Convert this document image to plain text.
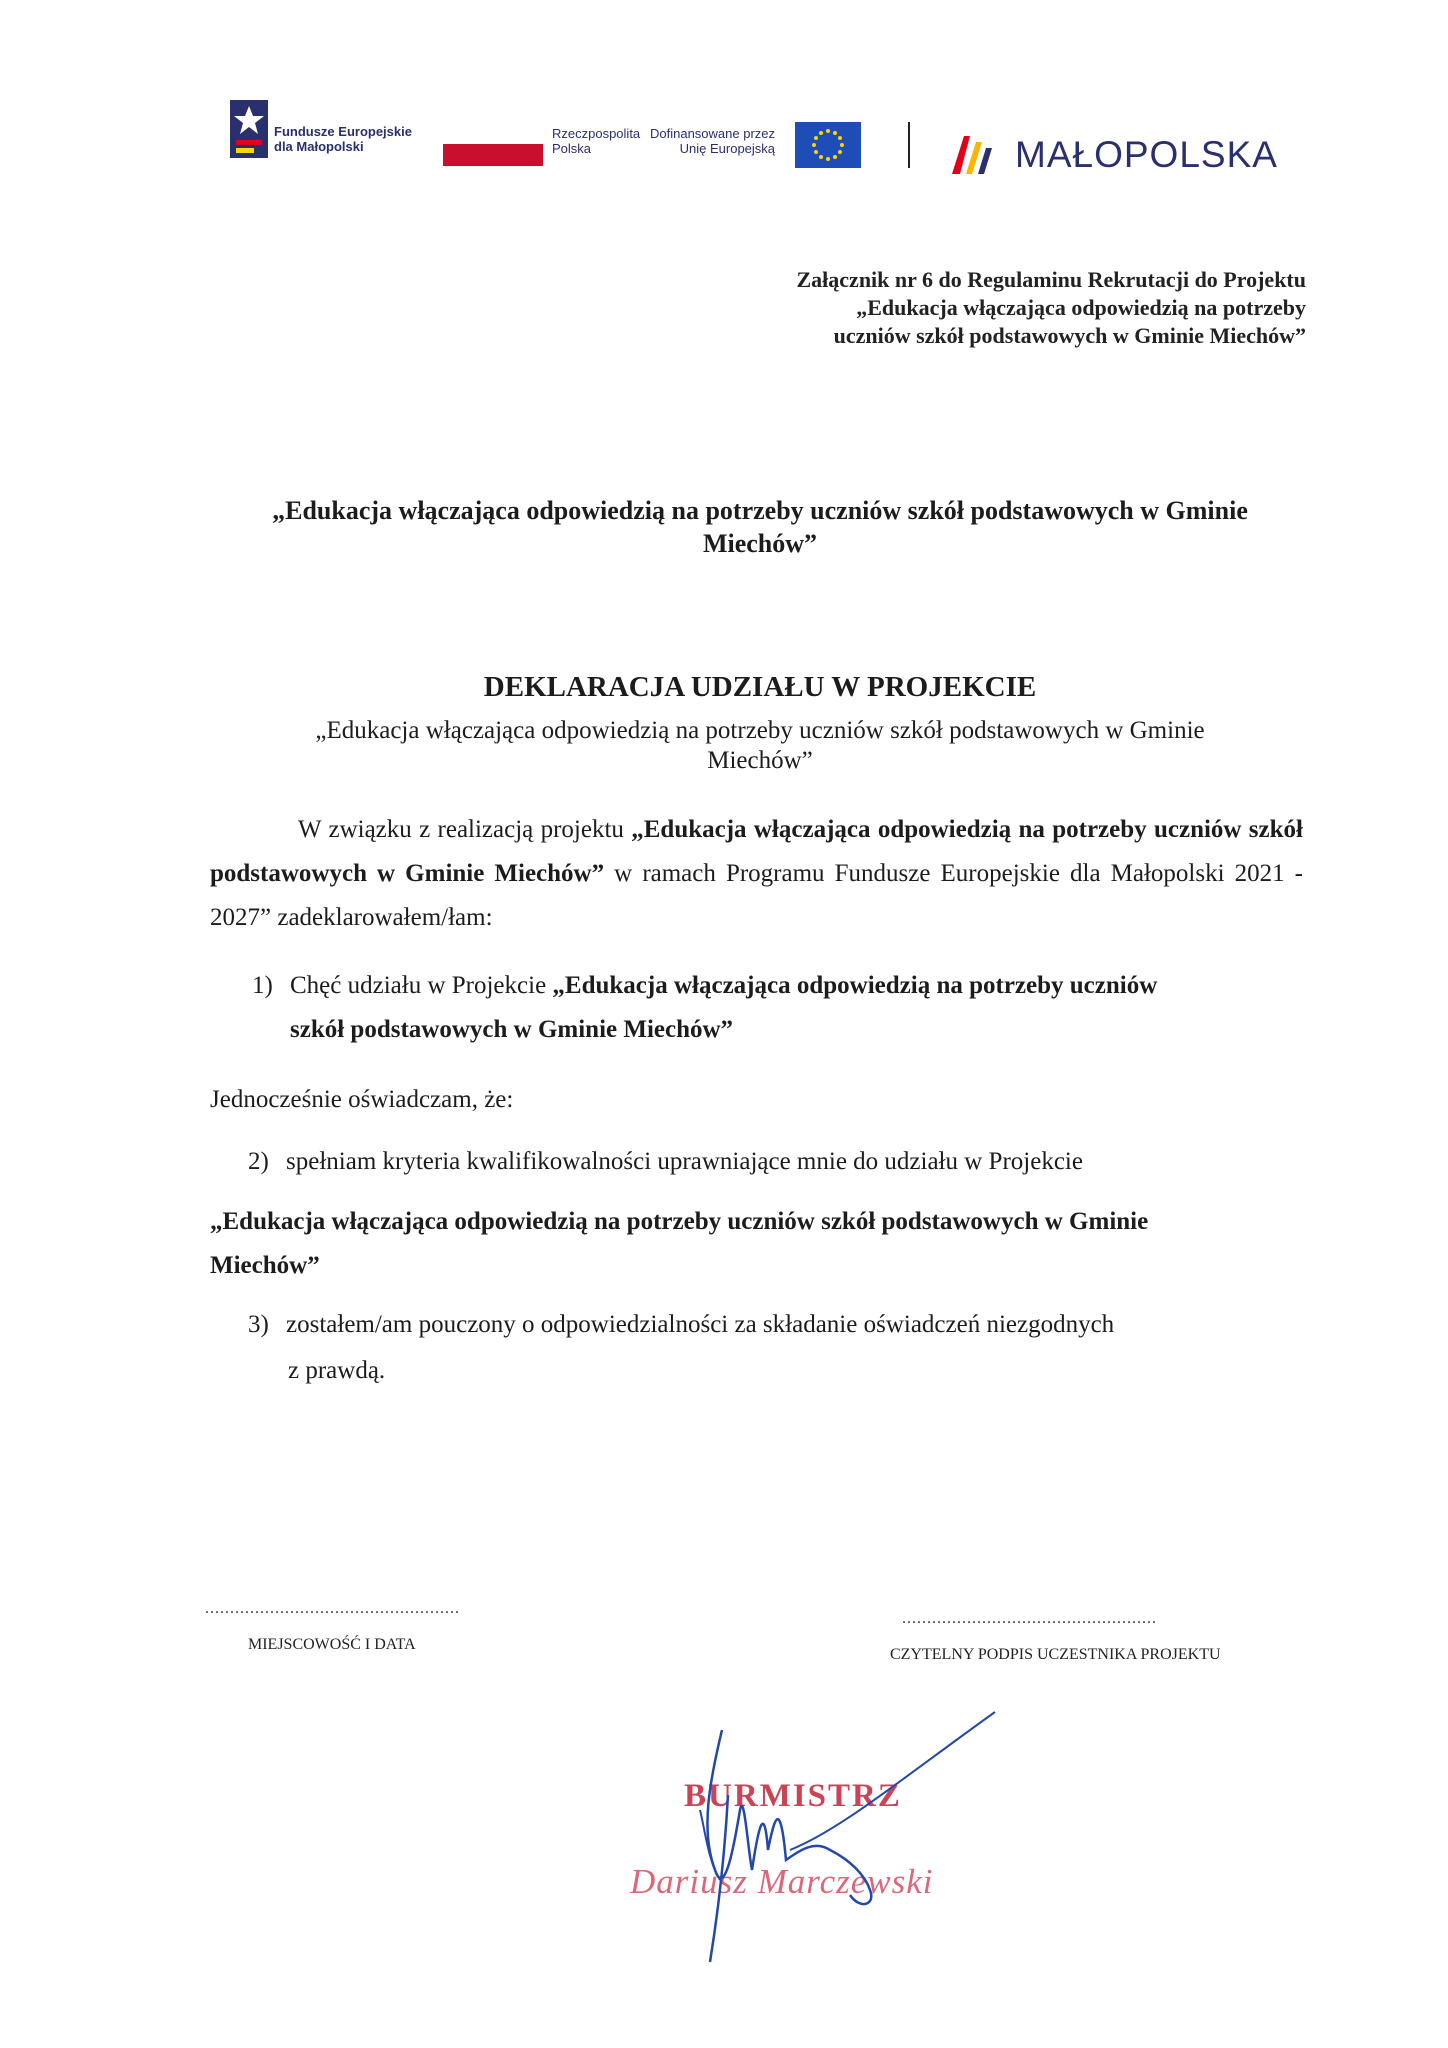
Fundusze Europejskie
dla Małopolski
Rzeczpospolita
Polska
Dofinansowane przez
Unię Europejską	MAŁOPOLSKA
Załącznik nr 6 do Regulaminu Rekrutacji do Projektu
„Edukacja włączająca odpowiedzią na potrzeby
uczniów szkół podstawowych w Gminie Miechów”
„Edukacja włączająca odpowiedzią na potrzeby uczniów szkół podstawowych w Gminie
Miechów”
DEKLARACJA UDZIAŁU W PROJEKCIE
„Edukacja włączająca odpowiedzią na potrzeby uczniów szkół podstawowych w Gminie
Miechów”
W związku z realizacją projektu „Edukacja włączająca odpowiedzią na potrzeby uczniów szkół podstawowych w Gminie Miechów” w ramach Programu Fundusze Europejskie dla Małopolski 2021 - 2027” zadeklarowałem/łam:
1) Chęć udziału w Projekcie „Edukacja włączająca odpowiedzią na potrzeby uczniów
szkół podstawowych w Gminie Miechów”
Jednocześnie oświadczam, że:
2) spełniam kryteria kwalifikowalności uprawniające mnie do udziału w Projekcie
„Edukacja włączająca odpowiedzią na potrzeby uczniów szkół podstawowych w Gminie
Miechów”
3) zostałem/am pouczony o odpowiedzialności za składanie oświadczeń niezgodnych
z prawdą.
...................................................
MIEJSCOWOŚĆ I DATA
...................................................
CZYTELNY PODPIS UCZESTNIKA PROJEKTU
BURMISTRZ
Dariusz Marczewski
